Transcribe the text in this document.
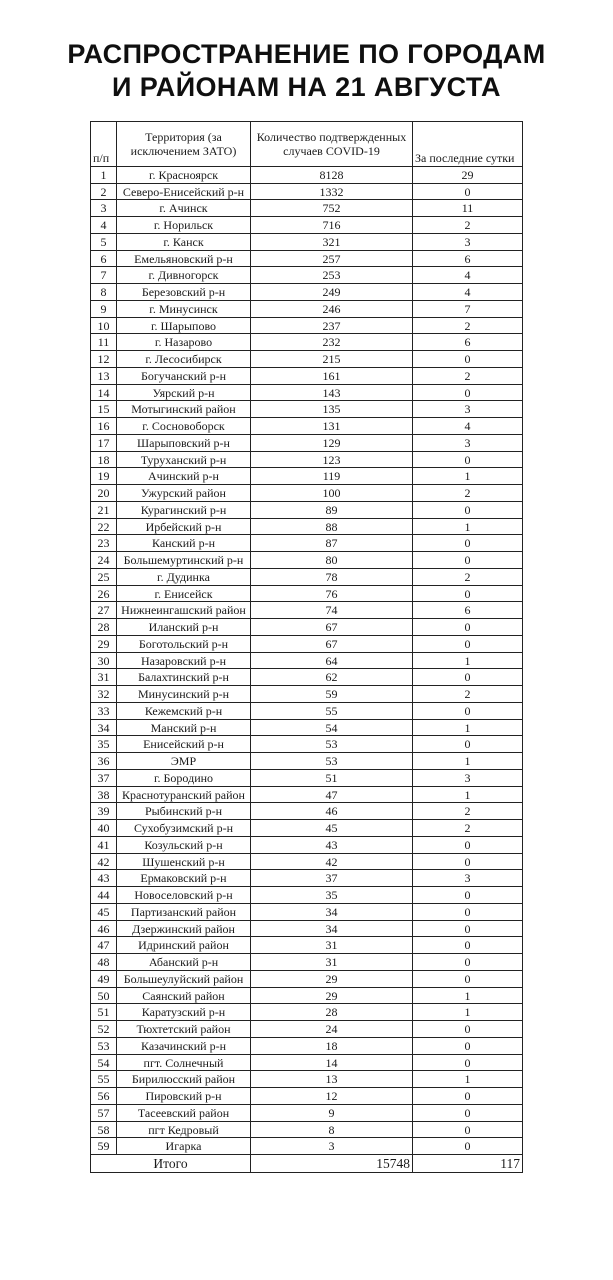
РАСПРОСТРАНЕНИЕ ПО ГОРОДАМ
И РАЙОНАМ НА 21 АВГУСТА
п/п	Территория (за исключением ЗАТО)	Количество подтвержденных случаев COVID-19	За последние сутки
1	г. Красноярск	8128	29
2	Северо-Енисейский р-н	1332	0
3	г. Ачинск	752	11
4	г. Норильск	716	2
5	г. Канск	321	3
6	Емельяновский р-н	257	6
7	г. Дивногорск	253	4
8	Березовский р-н	249	4
9	г. Минусинск	246	7
10	г. Шарыпово	237	2
11	г. Назарово	232	6
12	г. Лесосибирск	215	0
13	Богучанский р-н	161	2
14	Уярский р-н	143	0
15	Мотыгинский район	135	3
16	г. Сосновоборск	131	4
17	Шарыповский р-н	129	3
18	Туруханский р-н	123	0
19	Ачинский р-н	119	1
20	Ужурский район	100	2
21	Курагинский р-н	89	0
22	Ирбейский р-н	88	1
23	Канский р-н	87	0
24	Большемуртинский р-н	80	0
25	г. Дудинка	78	2
26	г. Енисейск	76	0
27	Нижнеингашский район	74	6
28	Иланский р-н	67	0
29	Боготольский р-н	67	0
30	Назаровский р-н	64	1
31	Балахтинский р-н	62	0
32	Минусинский р-н	59	2
33	Кежемский р-н	55	0
34	Манский р-н	54	1
35	Енисейский р-н	53	0
36	ЭМР	53	1
37	г. Бородино	51	3
38	Краснотуранский район	47	1
39	Рыбинский р-н	46	2
40	Сухобузимский р-н	45	2
41	Козульский р-н	43	0
42	Шушенский р-н	42	0
43	Ермаковский р-н	37	3
44	Новоселовский р-н	35	0
45	Партизанский район	34	0
46	Дзержинский район	34	0
47	Идринский район	31	0
48	Абанский р-н	31	0
49	Большеулуйский район	29	0
50	Саянский район	29	1
51	Каратузский р-н	28	1
52	Тюхтетский район	24	0
53	Казачинский р-н	18	0
54	пгт. Солнечный	14	0
55	Бирилюсский район	13	1
56	Пировский р-н	12	0
57	Тасеевский район	9	0
58	пгт Кедровый	8	0
59	Игарка	3	0
Итого		15748	117
